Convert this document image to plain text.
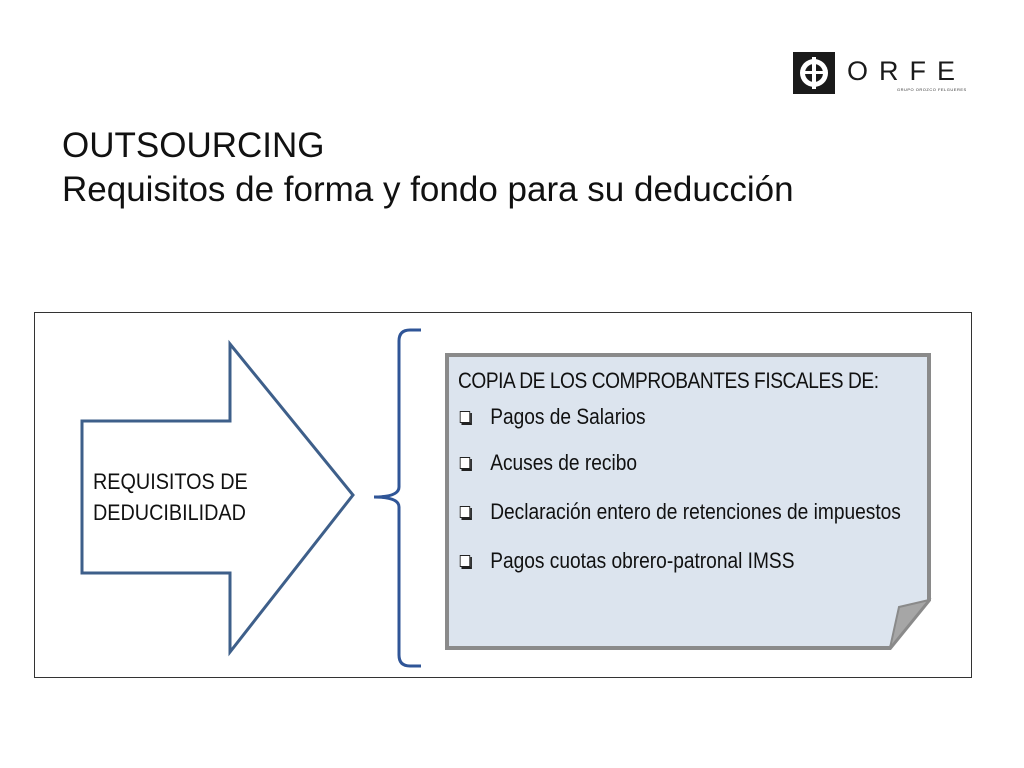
ORFE
GRUPO OROZCO FELGUERES
OUTSOURCING
Requisitos de forma y fondo para su deducción
REQUISITOS DE
DEDUCIBILIDAD
COPIA DE LOS COMPROBANTES FISCALES DE:
Pagos de Salarios
Acuses de recibo
Declaración entero de retenciones de impuestos
Pagos cuotas obrero-patronal IMSS
